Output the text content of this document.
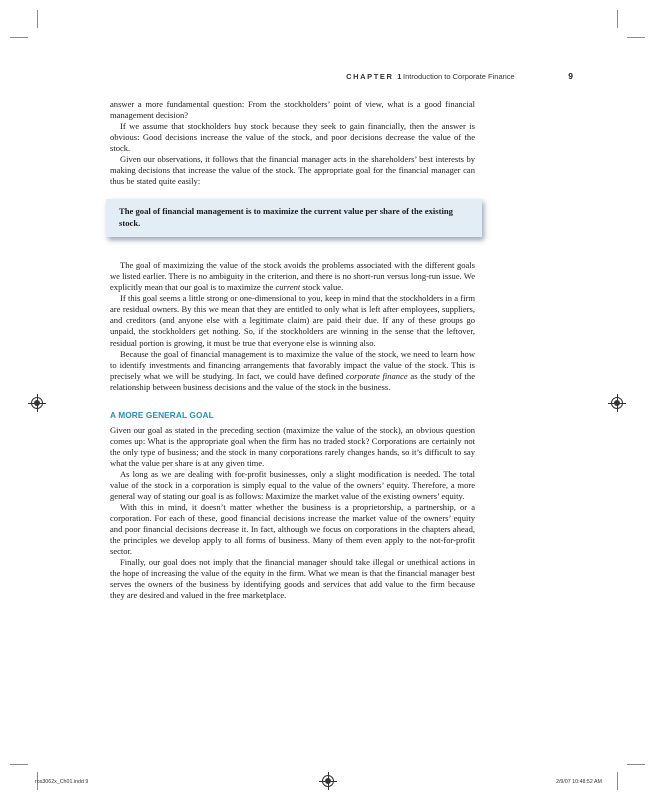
CHAPTER 1 Introduction to Corporate Finance	9

answer a more fundamental question: From the stockholders’ point of view, what is a good financial management decision?

If we assume that stockholders buy stock because they seek to gain financially, then the answer is obvious: Good decisions increase the value of the stock, and poor decisions decrease the value of the stock.

Given our observations, it follows that the financial manager acts in the shareholders’ best interests by making decisions that increase the value of the stock. The appropriate goal for the financial manager can thus be stated quite easily:

The goal of financial management is to maximize the current value per share of the existing stock.

The goal of maximizing the value of the stock avoids the problems associated with the different goals we listed earlier. There is no ambiguity in the criterion, and there is no short-run versus long-run issue. We explicitly mean that our goal is to maximize the current stock value.

If this goal seems a little strong or one-dimensional to you, keep in mind that the stockholders in a firm are residual owners. By this we mean that they are entitled to only what is left after employees, suppliers, and creditors (and anyone else with a legitimate claim) are paid their due. If any of these groups go unpaid, the stockholders get nothing. So, if the stockholders are winning in the sense that the leftover, residual portion is growing, it must be true that everyone else is winning also.

Because the goal of financial management is to maximize the value of the stock, we need to learn how to identify investments and financing arrangements that favorably impact the value of the stock. This is precisely what we will be studying. In fact, we could have defined corporate finance as the study of the relationship between business decisions and the value of the stock in the business.

A MORE GENERAL GOAL

Given our goal as stated in the preceding section (maximize the value of the stock), an obvious question comes up: What is the appropriate goal when the firm has no traded stock? Corporations are certainly not the only type of business; and the stock in many corporations rarely changes hands, so it’s difficult to say what the value per share is at any given time.

As long as we are dealing with for-profit businesses, only a slight modification is needed. The total value of the stock in a corporation is simply equal to the value of the owners’ equity. Therefore, a more general way of stating our goal is as follows: Maximize the market value of the existing owners’ equity.

With this in mind, it doesn’t matter whether the business is a proprietorship, a partnership, or a corporation. For each of these, good financial decisions increase the market value of the owners’ equity and poor financial decisions decrease it. In fact, although we focus on corporations in the chapters ahead, the principles we develop apply to all forms of business. Many of them even apply to the not-for-profit sector.

Finally, our goal does not imply that the financial manager should take illegal or unethical actions in the hope of increasing the value of the equity in the firm. What we mean is that the financial manager best serves the owners of the business by identifying goods and services that add value to the firm because they are desired and valued in the free marketplace.

ros3062x_Ch01.indd 9	2/9/07 10:48:52 AM
